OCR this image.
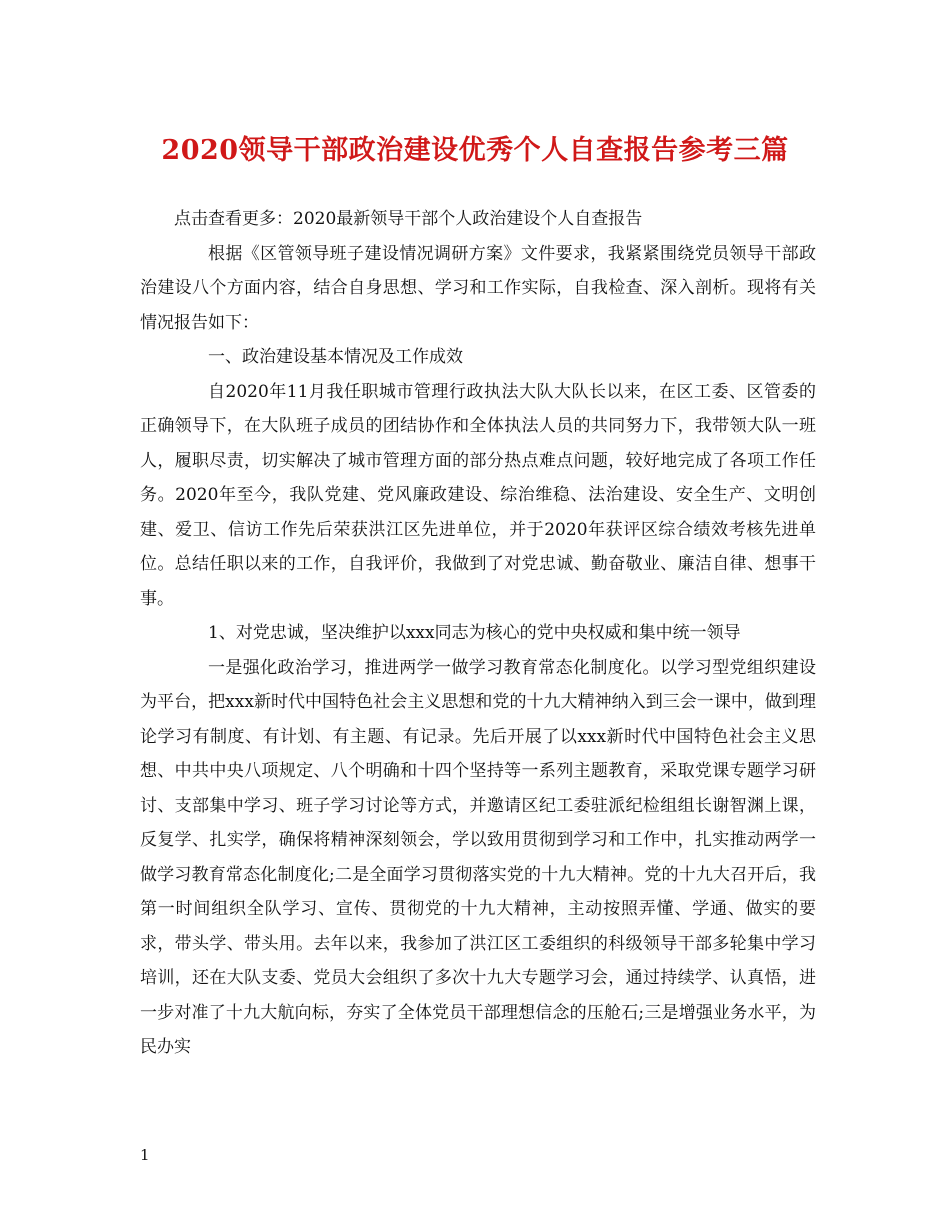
2020领导干部政治建设优秀个人自查报告参考三篇

点击查看更多：2020最新领导干部个人政治建设个人自查报告

根据《区管领导班子建设情况调研方案》文件要求，我紧紧围绕党员领导干部政治建设八个方面内容，结合自身思想、学习和工作实际，自我检查、深入剖析。现将有关情况报告如下：

一、政治建设基本情况及工作成效

自2020年11月我任职城市管理行政执法大队大队长以来，在区工委、区管委的正确领导下，在大队班子成员的团结协作和全体执法人员的共同努力下，我带领大队一班人，履职尽责，切实解决了城市管理方面的部分热点难点问题，较好地完成了各项工作任务。2020年至今，我队党建、党风廉政建设、综治维稳、法治建设、安全生产、文明创建、爱卫、信访工作先后荣获洪江区先进单位，并于2020年获评区综合绩效考核先进单位。总结任职以来的工作，自我评价，我做到了对党忠诚、勤奋敬业、廉洁自律、想事干事。

1、对党忠诚，坚决维护以xxx同志为核心的党中央权威和集中统一领导

一是强化政治学习，推进两学一做学习教育常态化制度化。以学习型党组织建设为平台，把xxx新时代中国特色社会主义思想和党的十九大精神纳入到三会一课中，做到理论学习有制度、有计划、有主题、有记录。先后开展了以xxx新时代中国特色社会主义思想、中共中央八项规定、八个明确和十四个坚持等一系列主题教育，采取党课专题学习研讨、支部集中学习、班子学习讨论等方式，并邀请区纪工委驻派纪检组组长谢智渊上课，反复学、扎实学，确保将精神深刻领会，学以致用贯彻到学习和工作中，扎实推动两学一做学习教育常态化制度化;二是全面学习贯彻落实党的十九大精神。党的十九大召开后，我第一时间组织全队学习、宣传、贯彻党的十九大精神，主动按照弄懂、学通、做实的要求，带头学、带头用。去年以来，我参加了洪江区工委组织的科级领导干部多轮集中学习培训，还在大队支委、党员大会组织了多次十九大专题学习会，通过持续学、认真悟，进一步对准了十九大航向标，夯实了全体党员干部理想信念的压舱石;三是增强业务水平，为民办实

1
